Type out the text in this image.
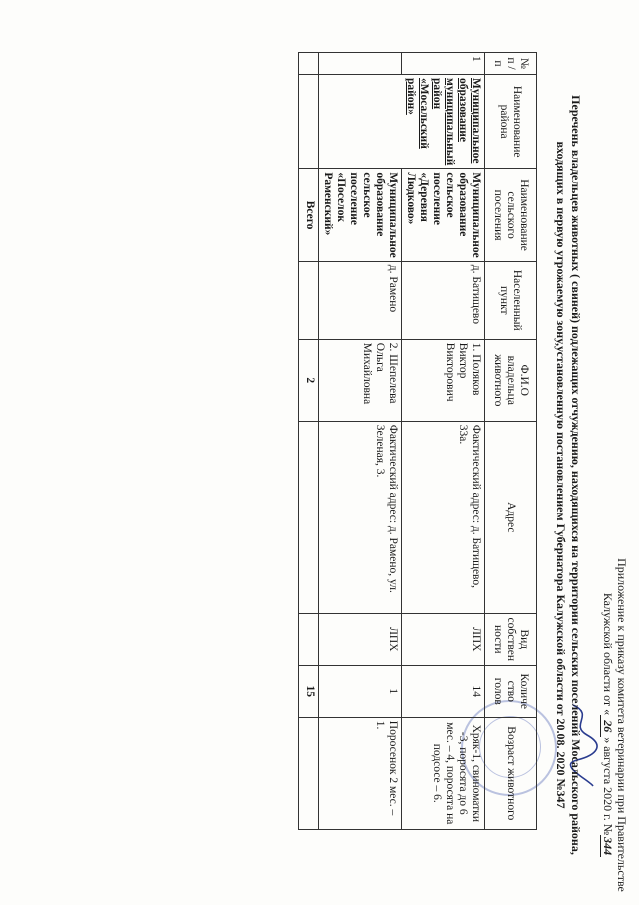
Приложение к приказу комитета ветеринарии при Правительстве
Калужской области от «26» августа 2020 г. №344
Перечень владельцев животных ( свиней) подлежащих отчуждению, находящихся на территории сельских поселений Мосальского района,
входящих в первую угрожаемую зону,установленную постановлением Губернатора Калужской области от 20.08. 2020 №347
№ п / п	Наименование района	Наименование сельского поселения	Населенный пункт	Ф.И.О владельца животного	Адрес	Вид собствен ности	Количе ство голов	Возраст животного
1	Муниципальное образование муниципальный район «Мосальский район»	Муниципальное образование сельское поселение «Деревня Людково»	д. Батищево	1. Поляков Виктор Викторович	Фактический адрес: д. Батищево, 33а.	ЛПХ	14	Хряк-1, свиноматки -3, поросята до 6 мес. – 4, поросята на подсосе – 6.
		Муниципальное образование сельское поселение «Поселок Раменский»	д. Рамено	2. Шепелева Ольга Михайловна	Фактический адрес: д. Рамено, ул. Зеленая, 3.	ЛПХ	1	Поросенок 2 мес. – 1.
		Всего		2			15	
